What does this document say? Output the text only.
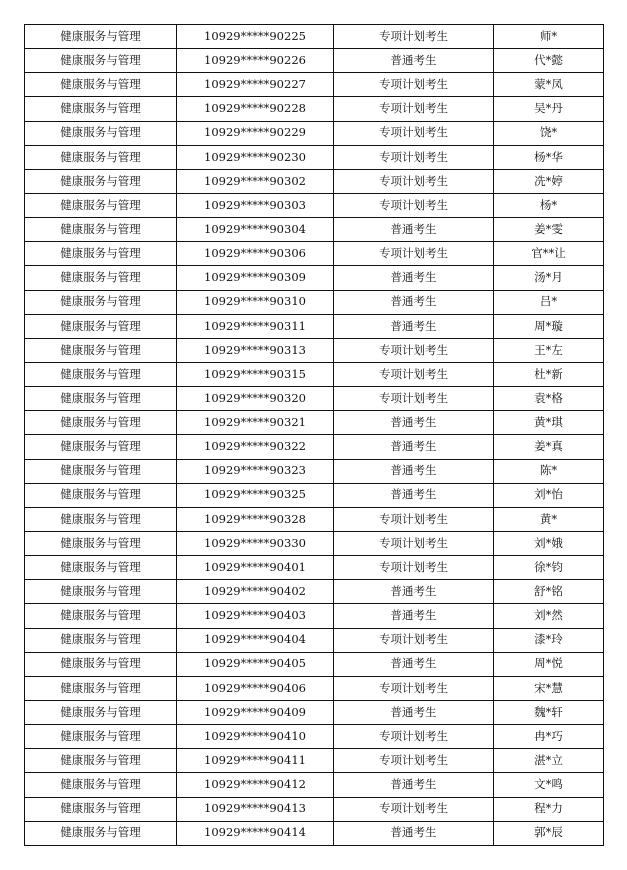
健康服务与管理	10929*****90225	专项计划考生	师*
健康服务与管理	10929*****90226	普通考生	代*懿
健康服务与管理	10929*****90227	专项计划考生	蒙*凤
健康服务与管理	10929*****90228	专项计划考生	吴*丹
健康服务与管理	10929*****90229	专项计划考生	饶*
健康服务与管理	10929*****90230	专项计划考生	杨*华
健康服务与管理	10929*****90302	专项计划考生	冼*婷
健康服务与管理	10929*****90303	专项计划考生	杨*
健康服务与管理	10929*****90304	普通考生	姜*雯
健康服务与管理	10929*****90306	专项计划考生	官**让
健康服务与管理	10929*****90309	普通考生	汤*月
健康服务与管理	10929*****90310	普通考生	吕*
健康服务与管理	10929*****90311	普通考生	周*璇
健康服务与管理	10929*****90313	专项计划考生	王*左
健康服务与管理	10929*****90315	专项计划考生	杜*新
健康服务与管理	10929*****90320	专项计划考生	袁*格
健康服务与管理	10929*****90321	普通考生	黄*琪
健康服务与管理	10929*****90322	普通考生	姜*真
健康服务与管理	10929*****90323	普通考生	陈*
健康服务与管理	10929*****90325	普通考生	刘*怡
健康服务与管理	10929*****90328	专项计划考生	黄*
健康服务与管理	10929*****90330	专项计划考生	刘*娥
健康服务与管理	10929*****90401	专项计划考生	徐*钧
健康服务与管理	10929*****90402	普通考生	舒*铭
健康服务与管理	10929*****90403	普通考生	刘*然
健康服务与管理	10929*****90404	专项计划考生	漆*玲
健康服务与管理	10929*****90405	普通考生	周*悦
健康服务与管理	10929*****90406	专项计划考生	宋*慧
健康服务与管理	10929*****90409	普通考生	魏*轩
健康服务与管理	10929*****90410	专项计划考生	冉*巧
健康服务与管理	10929*****90411	专项计划考生	湛*立
健康服务与管理	10929*****90412	普通考生	文*鸣
健康服务与管理	10929*****90413	专项计划考生	程*力
健康服务与管理	10929*****90414	普通考生	郭*辰
